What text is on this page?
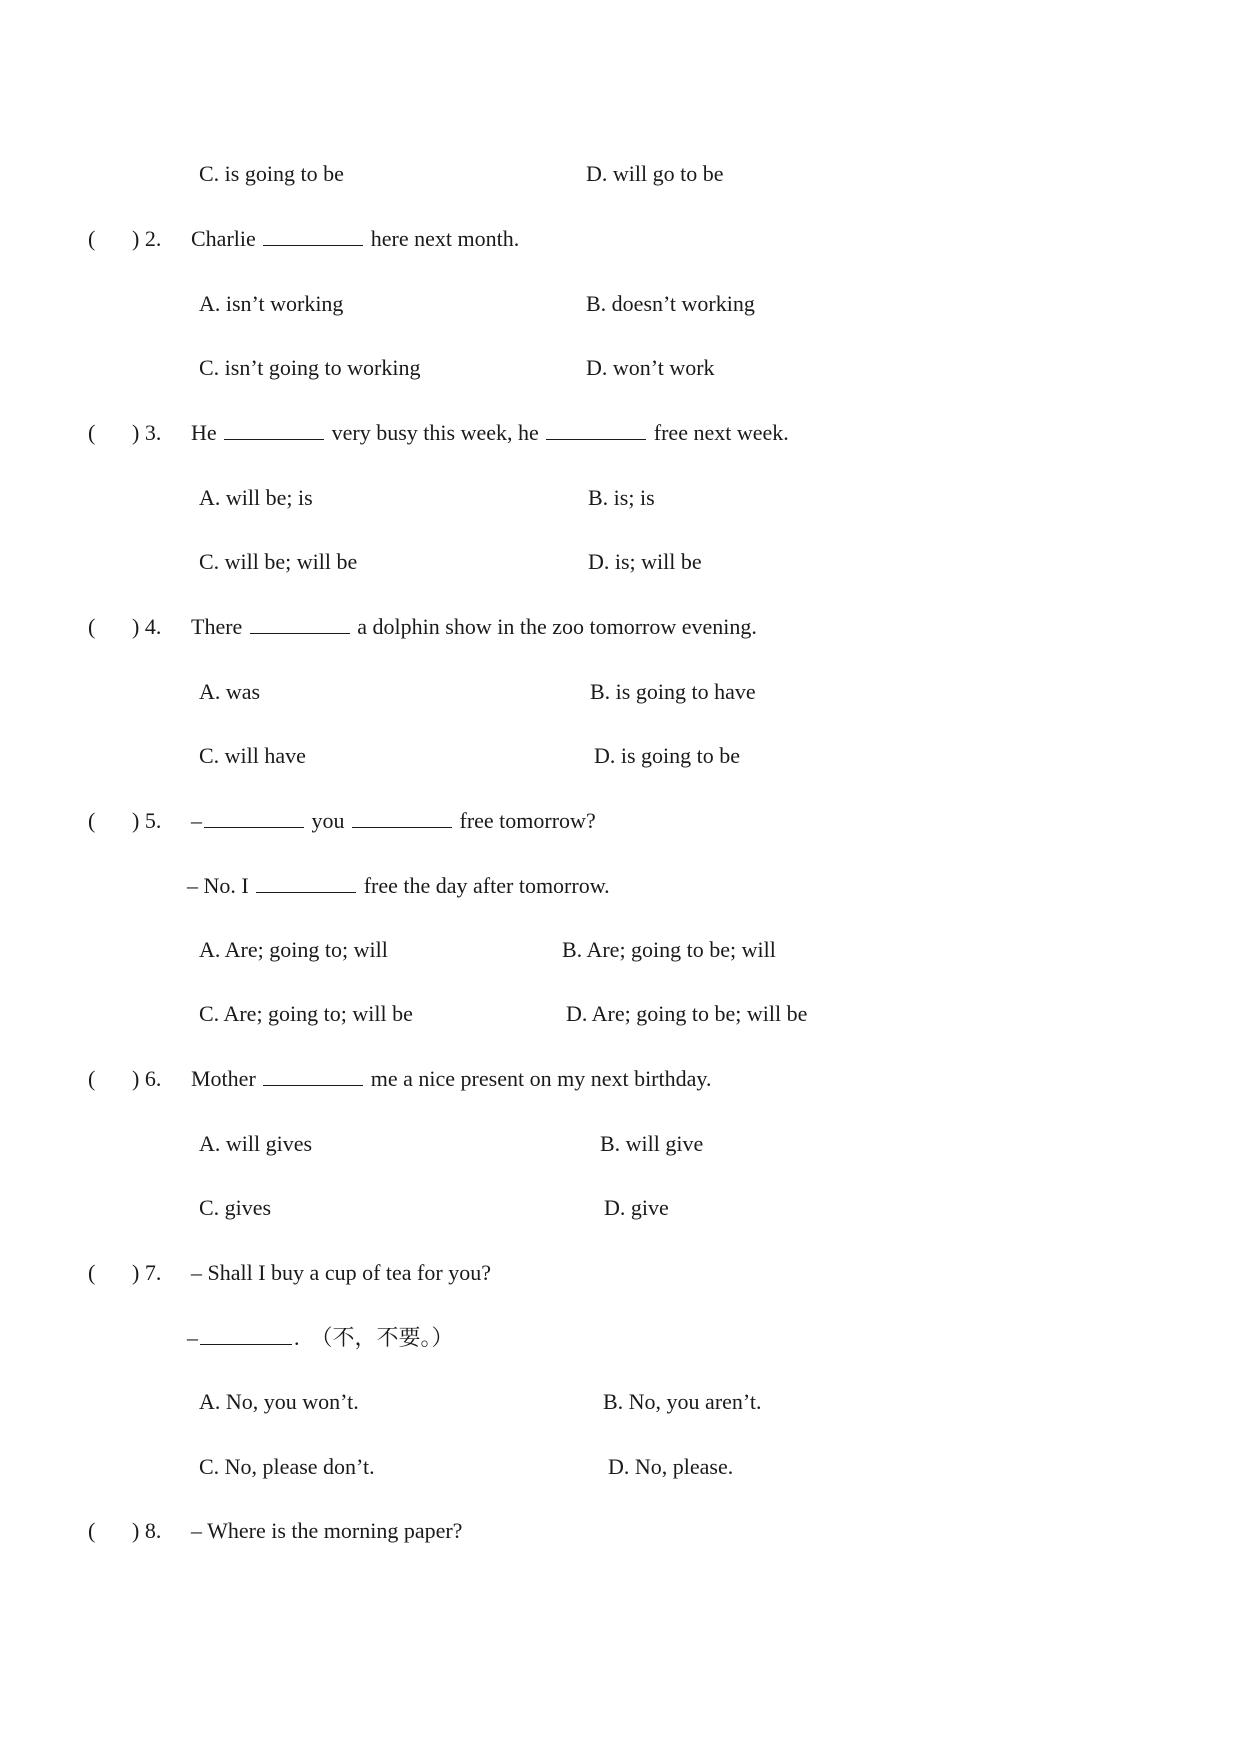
C. is going to be	D. will go to be
( ) 2. Charlie	here next month.
A. isn’t working	B. doesn’t working
C. isn’t going to working	D. won’t work
( ) 3. He	very busy this week, he	free next week.
A. will be; is	B. is; is
C. will be; will be	D. is; will be
( ) 4. There	a dolphin show in the zoo tomorrow evening.
A. was	B. is going to have
C. will have	D. is going to be
( ) 5. –	you	free tomorrow?
– No. I	free the day after tomorrow.
A. Are; going to; will	B. Are; going to be; will
C. Are; going to; will be	D. Are; going to be; will be
( ) 6. Mother	me a nice present on my next birthday.
A. will gives	B. will give
C. gives	D. give
( ) 7. – Shall I buy a cup of tea for you?
–	.  （不，不要。）
A. No, you won’t.	B. No, you aren’t.
C. No, please don’t.	D. No, please.
( ) 8. – Where is the morning paper?
